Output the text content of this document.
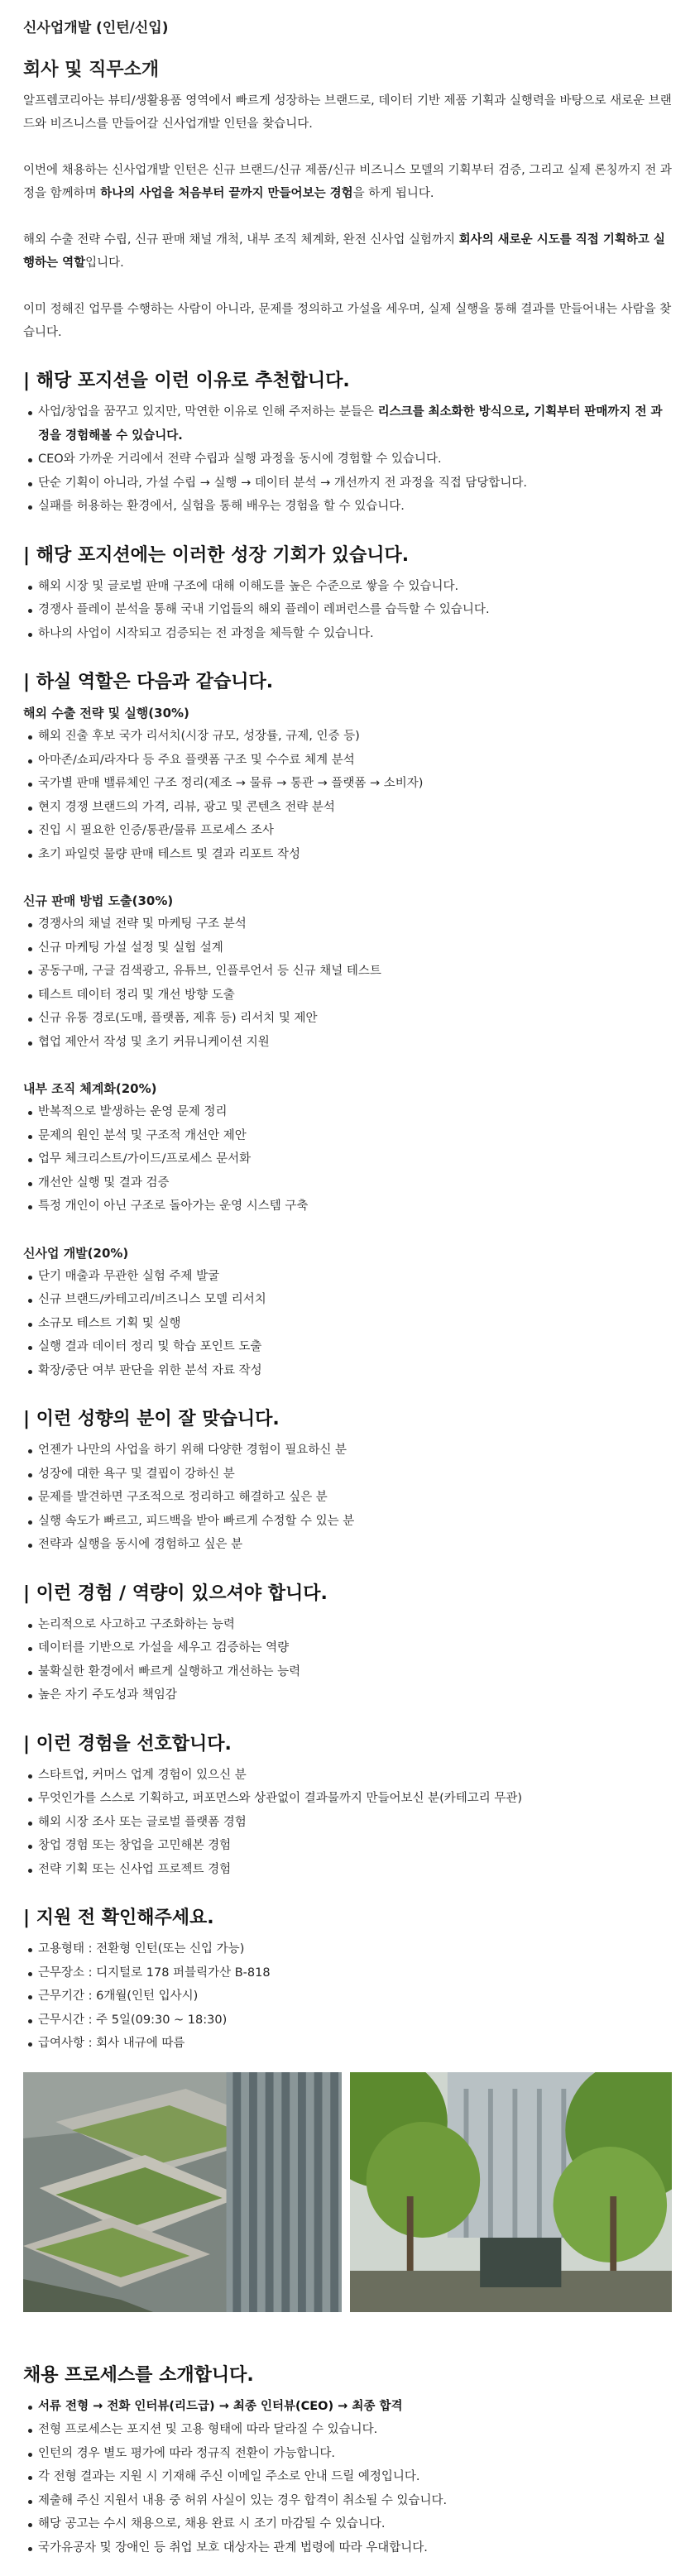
신사업개발 (인턴/신입)
회사 및 직무소개

알프렘코리아는 뷰티/생활용품 영역에서 빠르게 성장하는 브랜드로, 데이터 기반 제품 기획과 실행력을 바탕으로 새로운 브랜드와 비즈니스를 만들어갈 신사업개발 인턴을 찾습니다.

이번에 채용하는 신사업개발 인턴은 신규 브랜드/신규 제품/신규 비즈니스 모델의 기획부터 검증, 그리고 실제 론칭까지 전 과정을 함께하며 하나의 사업을 처음부터 끝까지 만들어보는 경험을 하게 됩니다.

해외 수출 전략 수립, 신규 판매 채널 개척, 내부 조직 체계화, 완전 신사업 실험까지 회사의 새로운 시도를 직접 기획하고 실행하는 역할입니다.

이미 정해진 업무를 수행하는 사람이 아니라, 문제를 정의하고 가설을 세우며, 실제 실행을 통해 결과를 만들어내는 사람을 찾습니다.

| 해당 포지션을 이런 이유로 추천합니다.
사업/창업을 꿈꾸고 있지만, 막연한 이유로 인해 주저하는 분들은 리스크를 최소화한 방식으로, 기획부터 판매까지 전 과정을 경험해볼 수 있습니다.
CEO와 가까운 거리에서 전략 수립과 실행 과정을 동시에 경험할 수 있습니다.
단순 기획이 아니라, 가설 수립 → 실행 → 데이터 분석 → 개선까지 전 과정을 직접 담당합니다.
실패를 허용하는 환경에서, 실험을 통해 배우는 경험을 할 수 있습니다.
| 해당 포지션에는 이러한 성장 기회가 있습니다.
해외 시장 및 글로벌 판매 구조에 대해 이해도를 높은 수준으로 쌓을 수 있습니다.
경쟁사 플레이 분석을 통해 국내 기업들의 해외 플레이 레퍼런스를 습득할 수 있습니다.
하나의 사업이 시작되고 검증되는 전 과정을 체득할 수 있습니다.
| 하실 역할은 다음과 같습니다.
해외 수출 전략 및 실행(30%)
해외 진출 후보 국가 리서치(시장 규모, 성장률, 규제, 인증 등)
아마존/쇼피/라자다 등 주요 플랫폼 구조 및 수수료 체계 분석
국가별 판매 밸류체인 구조 정리(제조 → 물류 → 통관 → 플랫폼 → 소비자)
현지 경쟁 브랜드의 가격, 리뷰, 광고 및 콘텐츠 전략 분석
진입 시 필요한 인증/통관/물류 프로세스 조사
초기 파일럿 물량 판매 테스트 및 결과 리포트 작성
신규 판매 방법 도출(30%)
경쟁사의 채널 전략 및 마케팅 구조 분석
신규 마케팅 가설 설정 및 실험 설계
공동구매, 구글 검색광고, 유튜브, 인플루언서 등 신규 채널 테스트
테스트 데이터 정리 및 개선 방향 도출
신규 유통 경로(도매, 플랫폼, 제휴 등) 리서치 및 제안
협업 제안서 작성 및 초기 커뮤니케이션 지원
내부 조직 체계화(20%)
반복적으로 발생하는 운영 문제 정리
문제의 원인 분석 및 구조적 개선안 제안
업무 체크리스트/가이드/프로세스 문서화
개선안 실행 및 결과 검증
특정 개인이 아닌 구조로 돌아가는 운영 시스템 구축
신사업 개발(20%)
단기 매출과 무관한 실험 주제 발굴
신규 브랜드/카테고리/비즈니스 모델 리서치
소규모 테스트 기획 및 실행
실행 결과 데이터 정리 및 학습 포인트 도출
확장/중단 여부 판단을 위한 분석 자료 작성
| 이런 성향의 분이 잘 맞습니다.
언젠가 나만의 사업을 하기 위해 다양한 경험이 필요하신 분
성장에 대한 욕구 및 결핍이 강하신 분
문제를 발견하면 구조적으로 정리하고 해결하고 싶은 분
실행 속도가 빠르고, 피드백을 받아 빠르게 수정할 수 있는 분
전략과 실행을 동시에 경험하고 싶은 분
| 이런 경험 / 역량이 있으셔야 합니다.
논리적으로 사고하고 구조화하는 능력
데이터를 기반으로 가설을 세우고 검증하는 역량
불확실한 환경에서 빠르게 실행하고 개선하는 능력
높은 자기 주도성과 책임감
| 이런 경험을 선호합니다.
스타트업, 커머스 업계 경험이 있으신 분
무엇인가를 스스로 기획하고, 퍼포먼스와 상관없이 결과물까지 만들어보신 분(카테고리 무관)
해외 시장 조사 또는 글로벌 플랫폼 경험
창업 경험 또는 창업을 고민해본 경험
전략 기획 또는 신사업 프로젝트 경험
| 지원 전 확인해주세요.
고용형태 : 전환형 인턴(또는 신입 가능)
근무장소 : 디지털로 178 퍼블릭가산 B-818
근무기간 : 6개월(인턴 입사시)
근무시간 : 주 5일(09:30 ~ 18:30)
급여사항 : 회사 내규에 따름
채용 프로세스를 소개합니다.
서류 전형 → 전화 인터뷰(리드급) → 최종 인터뷰(CEO) → 최종 합격
전형 프로세스는 포지션 및 고용 형태에 따라 달라질 수 있습니다.
인턴의 경우 별도 평가에 따라 정규직 전환이 가능합니다.
각 전형 결과는 지원 시 기재해 주신 이메일 주소로 안내 드릴 예정입니다.
제출해 주신 지원서 내용 중 허위 사실이 있는 경우 합격이 취소될 수 있습니다.
해당 공고는 수시 채용으로, 채용 완료 시 조기 마감될 수 있습니다.
국가유공자 및 장애인 등 취업 보호 대상자는 관계 법령에 따라 우대합니다.
